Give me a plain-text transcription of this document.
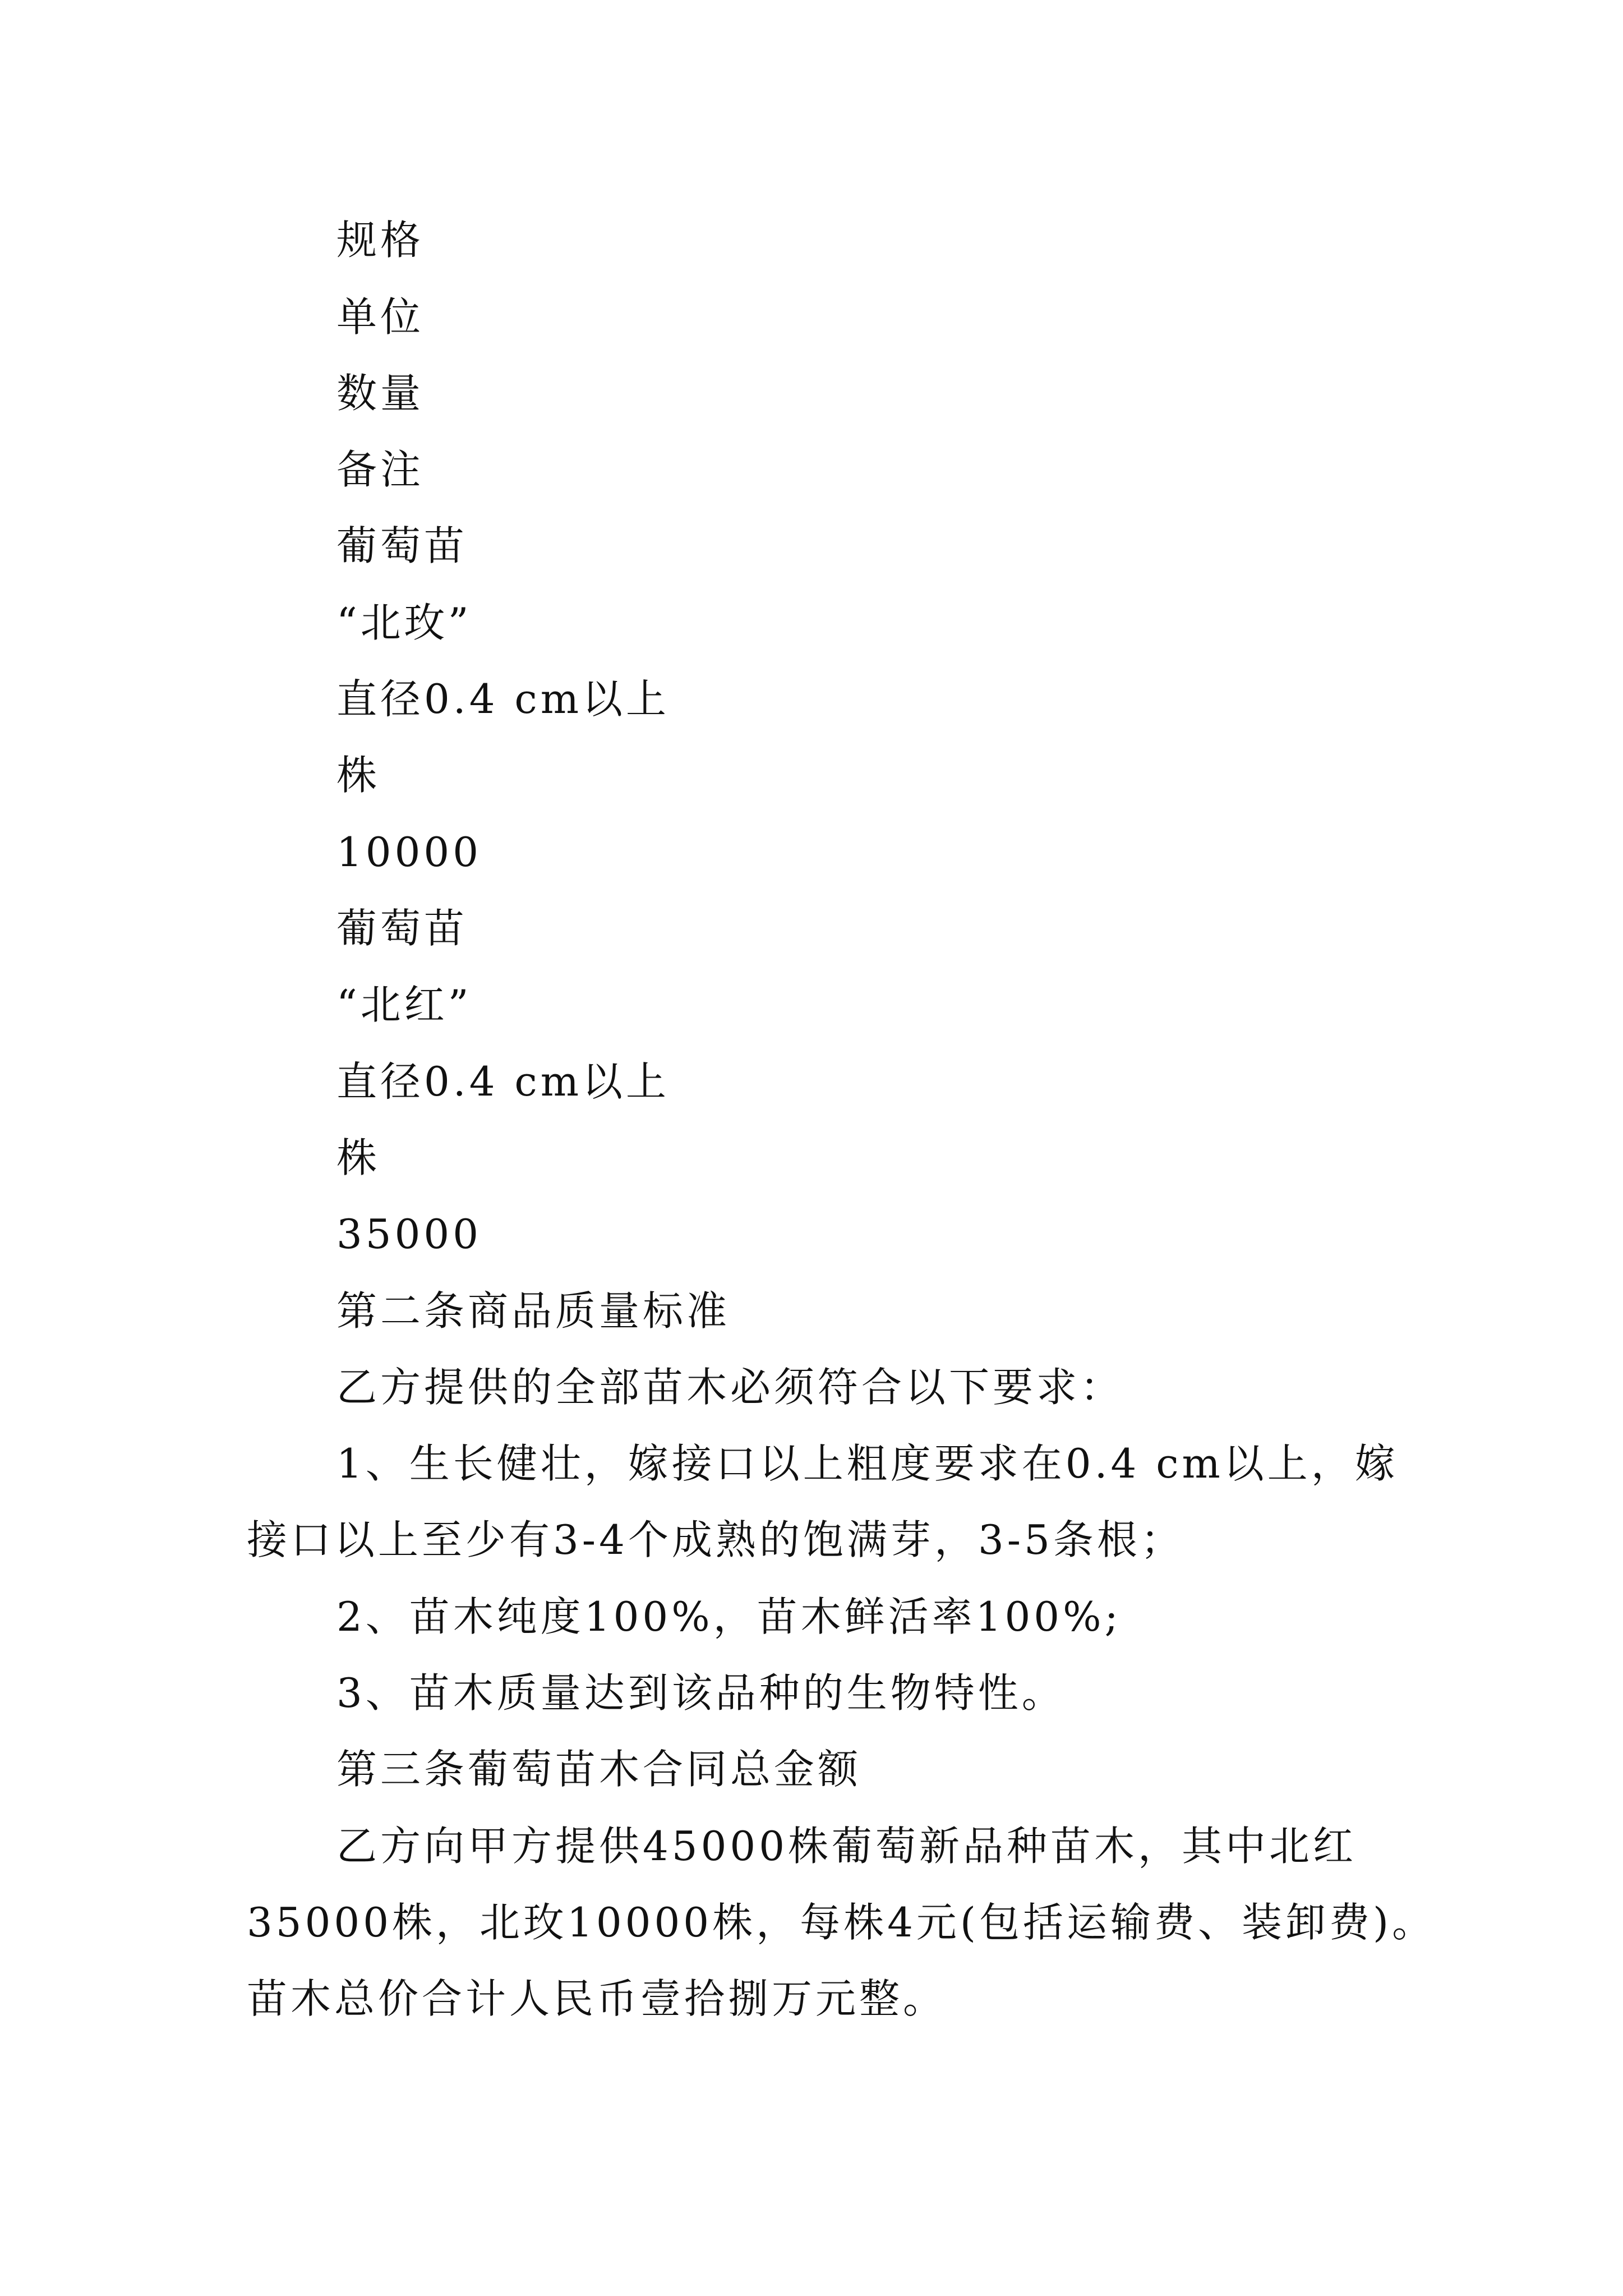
规格
单位
数量
备注
葡萄苗
“北玫”
直径0.4 cm以上
株
10000
葡萄苗
“北红”
直径0.4 cm以上
株
35000
第二条商品质量标准
乙方提供的全部苗木必须符合以下要求：
1、生长健壮，嫁接口以上粗度要求在0.4 cm以上，嫁
接口以上至少有3-4个成熟的饱满芽，3-5条根；
2、苗木纯度100%，苗木鲜活率100%;
3、苗木质量达到该品种的生物特性。
第三条葡萄苗木合同总金额
乙方向甲方提供45000株葡萄新品种苗木，其中北红
35000株，北玫10000株，每株4元(包括运输费、装卸费)。
苗木总价合计人民币壹拾捌万元整。
